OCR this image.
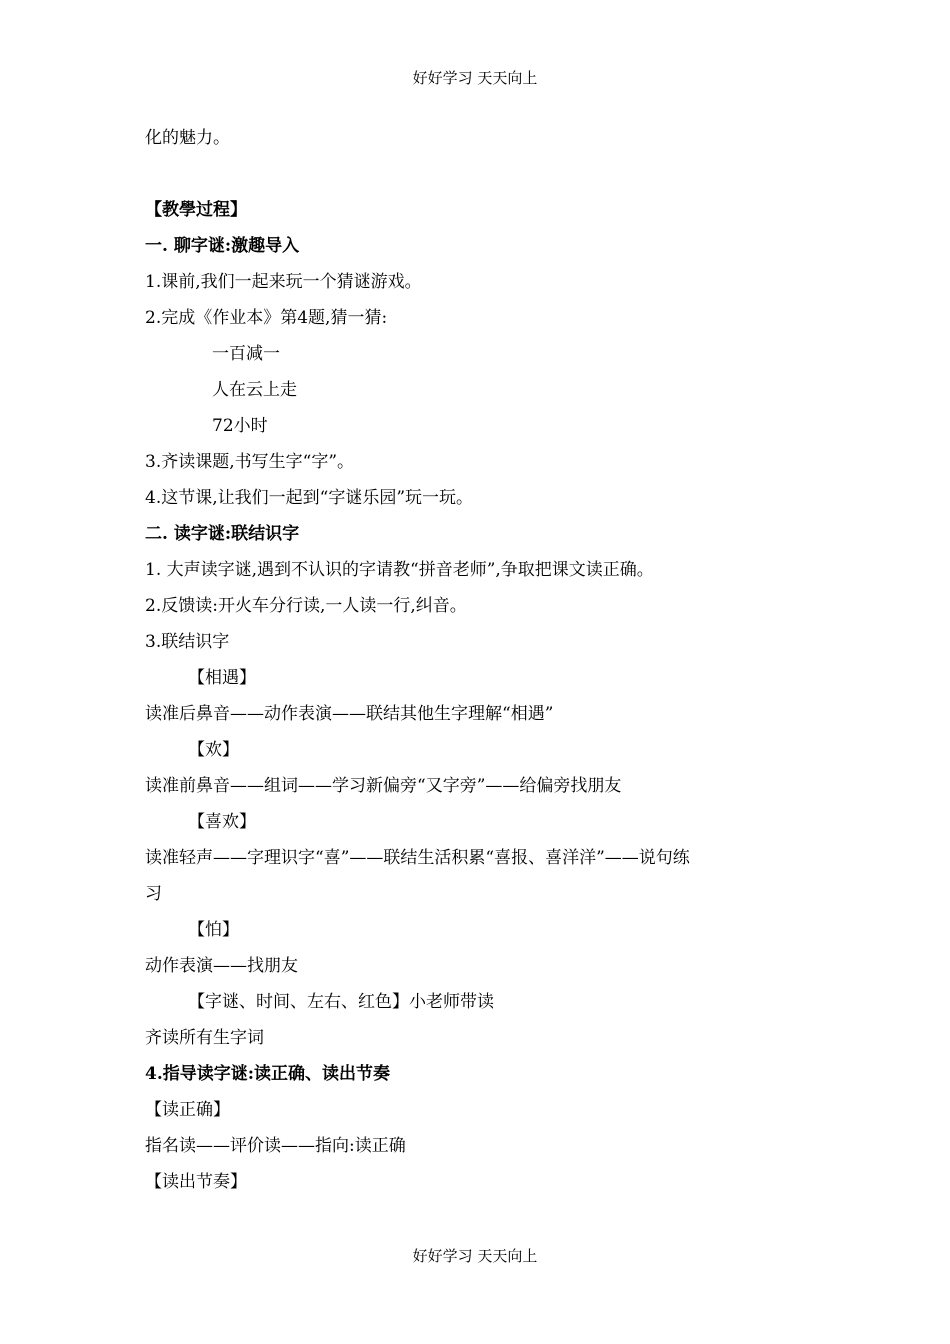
好好学习 天天向上
化的魅力。
【教學过程】
一. 聊字谜:激趣导入
1.课前,我们一起来玩一个猜谜游戏。
2.完成《作业本》第4题,猜一猜:
一百减一
人在云上走
72小时
3.齐读课题,书写生字“字”。
4.这节课,让我们一起到“字谜乐园”玩一玩。
二. 读字谜:联结识字
1. 大声读字谜,遇到不认识的字请教“拼音老师”,争取把课文读正确。
2.反馈读:开火车分行读,一人读一行,纠音。
3.联结识字
【相遇】
读准后鼻音——动作表演——联结其他生字理解“相遇”
【欢】
读准前鼻音——组词——学习新偏旁“又字旁”——给偏旁找朋友
【喜欢】
读准轻声——字理识字“喜”——联结生活积累“喜报、喜洋洋”——说句练
习
【怕】
动作表演——找朋友
【字谜、时间、左右、红色】小老师带读
齐读所有生字词
4.指导读字谜:读正确、读出节奏
【读正确】
指名读——评价读——指向:读正确
【读出节奏】
好好学习 天天向上
